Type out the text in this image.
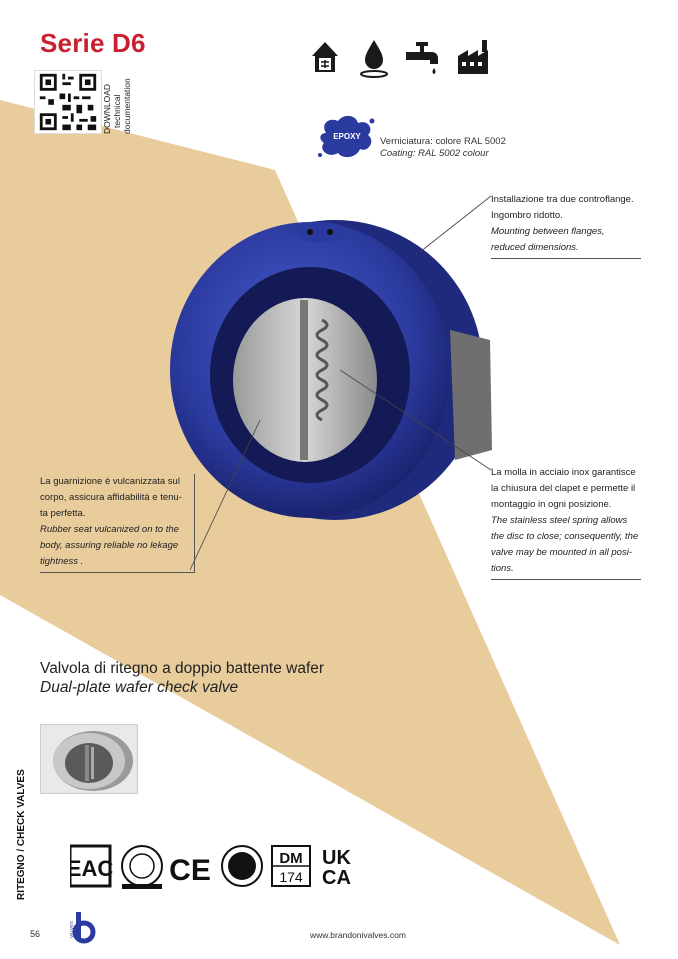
Serie D6
DOWNLOAD technical documentation
EPOXY Verniciatura: colore RAL 5002
Coating: RAL 5002 colour
Installazione tra due controflange.
Ingombro ridotto.
Mounting between flanges,
reduced dimensions.
La molla in acciaio inox garantisce
la chiusura del clapet e permette il
montaggio in ogni posizione.
The stainless steel spring allows
the disc to close; consequently, the
valve may be mounted in all posi-
tions.
La guarnizione è vulcanizzata sul
corpo, assicura affidabilità e tenu-
ta perfetta.
Rubber seat vulcanized on to the
body, assuring reliable no lekage
tightness .
Valvola di ritegno a doppio battente wafer
Dual-plate wafer check valve
RITEGNO / CHECK VALVES EAC CE	DM
174
UK
CA
56	VALVES	www.brandonivalves.com
